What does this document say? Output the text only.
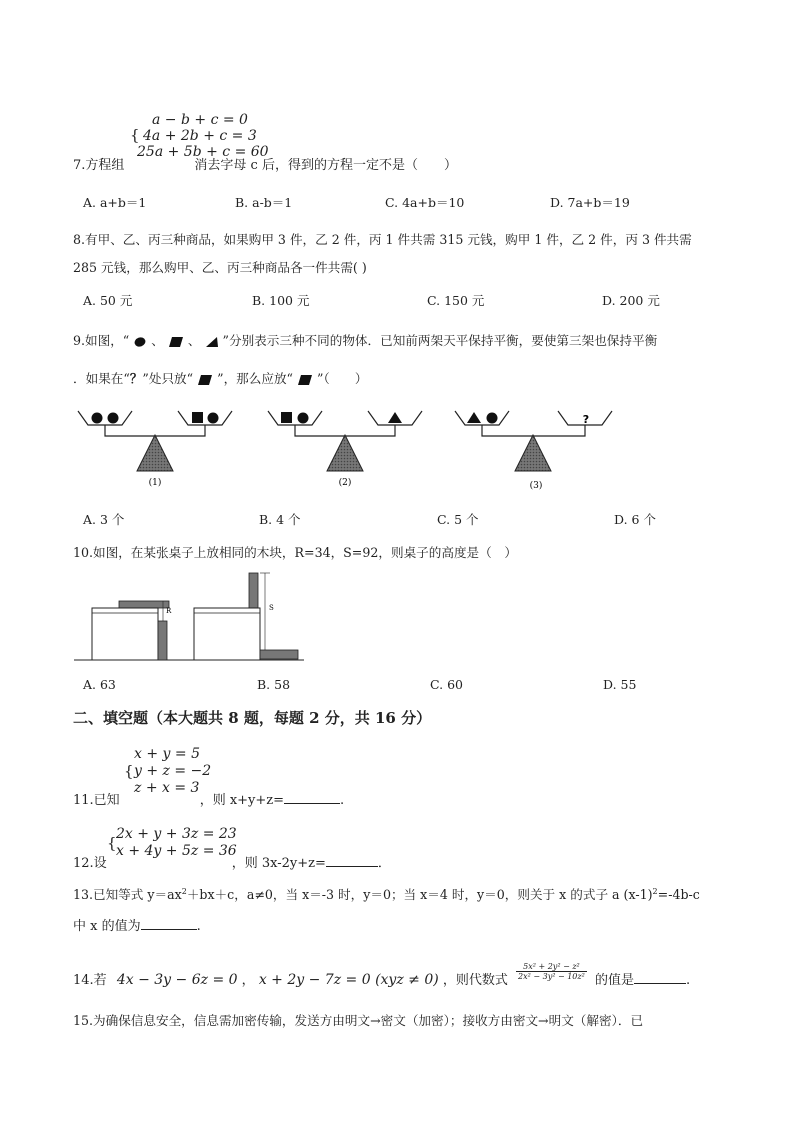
a − b + c = 0
{ 4a + 2b + c = 3
25a + 5b + c = 60
7.方程组	消去字母 c 后，得到的方程一定不是（　　）
A. a+b＝1	B. a-b＝1	C. 4a+b＝10	D. 7a+b＝19
8.有甲、乙、丙三种商品，如果购甲 3 件，乙 2 件，丙 1 件共需 315 元钱，购甲 1 件，乙 2 件，丙 3 件共需
285 元钱，那么购甲、乙、丙三种商品各一件共需( )
A. 50 元	B. 100 元	C. 150 元	D. 200 元
9.如图，“ 、 、 ”分别表示三种不同的物体．已知前两架天平保持平衡，要使第三架也保持平衡
．如果在“？”处只放“ ”，那么应放“ ”（　　）
?
(1)	(2)	(3)
A. 3 个	B. 4 个	C. 5 个	D. 6 个
10.如图，在某张桌子上放相同的木块，R=34，S=92，则桌子的高度是（　）
R	S
A. 63	B. 58	C. 60	D. 55
二、填空题（本大题共 8 题，每题 2 分，共 16 分）
x + y = 5
{ y + z = −2
z + x = 3
11.已知	，则 x+y+z=	.
2x + y + 3z = 23
{ x + 4y + 5z = 36
12.设	，则 3x-2y+z=	．
13.已知等式 $y=ax^2+bx+c$，a≠0，当 x＝-3 时，y＝0；当 x＝4 时，y＝0，则关于 x 的式子 a $(x-1)^2=-4b-c$
中 x 的值为	.
14.若 4x − 3y − 6z = 0 ， x + 2y − 7z = 0 (xyz ≠ 0) ，则代数式 $\frac{\text{5x² + 2y² − z²}}{\text{2x² − 3y² − 10z²}}$ 的值是	.
15.为确保信息安全，信息需加密传输，发送方由明文→密文（加密）；接收方由密文→明文（解密）．已
